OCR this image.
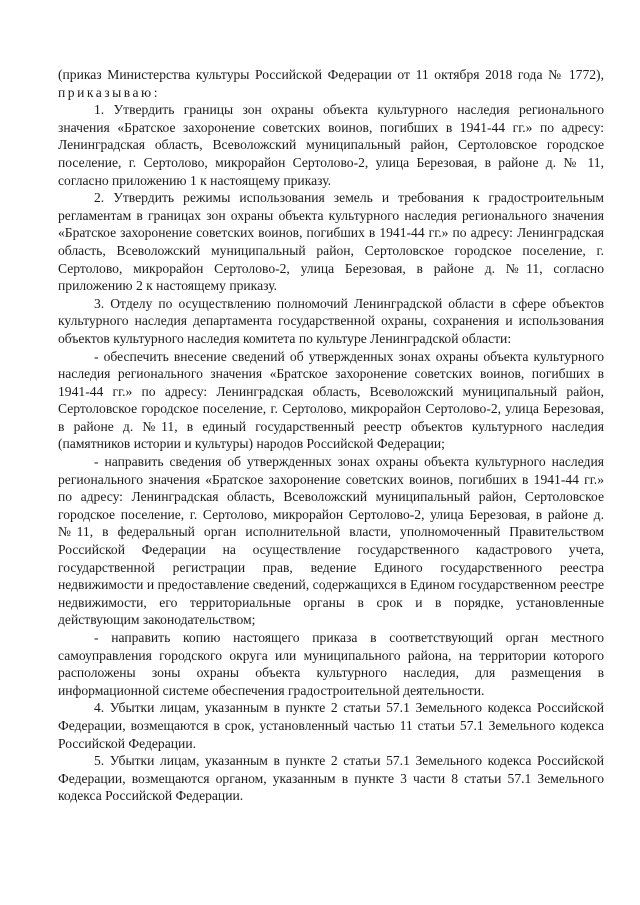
(приказ Министерства культуры Российской Федерации от 11 октября 2018 года № 1772), приказываю:

1. Утвердить границы зон охраны объекта культурного наследия регионального значения «Братское захоронение советских воинов, погибших в 1941-44 гг.» по адресу: Ленинградская область, Всеволожский муниципальный район, Сертоловское городское поселение, г. Сертолово, микрорайон Сертолово-2, улица Березовая, в районе д. № 11, согласно приложению 1 к настоящему приказу.

2. Утвердить режимы использования земель и требования к градостроительным регламентам в границах зон охраны объекта культурного наследия регионального значения «Братское захоронение советских воинов, погибших в 1941-44 гг.» по адресу: Ленинградская область, Всеволожский муниципальный район, Сертоловское городское поселение, г. Сертолово, микрорайон Сертолово-2, улица Березовая, в районе д. №11, согласно приложению 2 к настоящему приказу.

3. Отделу по осуществлению полномочий Ленинградской области в сфере объектов культурного наследия департамента государственной охраны, сохранения и использования объектов культурного наследия комитета по культуре Ленинградской области:

- обеспечить внесение сведений об утвержденных зонах охраны объекта культурного наследия регионального значения «Братское захоронение советских воинов, погибших в 1941-44 гг.» по адресу: Ленинградская область, Всеволожский муниципальный район, Сертоловское городское поселение, г. Сертолово, микрорайон Сертолово-2, улица Березовая, в районе д. №11, в единый государственный реестр объектов культурного наследия (памятников истории и культуры) народов Российской Федерации;

- направить сведения об утвержденных зонах охраны объекта культурного наследия регионального значения «Братское захоронение советских воинов, погибших в 1941-44 гг.» по адресу: Ленинградская область, Всеволожский муниципальный район, Сертоловское городское поселение, г. Сертолово, микрорайон Сертолово-2, улица Березовая, в районе д. №11, в федеральный орган исполнительной власти, уполномоченный Правительством Российской Федерации на осуществление государственного кадастрового учета, государственной регистрации прав, ведение Единого государственного реестра недвижимости и предоставление сведений, содержащихся в Едином государственном реестре недвижимости, его территориальные органы в срок и в порядке, установленные действующим законодательством;

- направить копию настоящего приказа в соответствующий орган местного самоуправления городского округа или муниципального района, на территории которого расположены зоны охраны объекта культурного наследия, для размещения в информационной системе обеспечения градостроительной деятельности.

4. Убытки лицам, указанным в пункте 2 статьи 57.1 Земельного кодекса Российской Федерации, возмещаются в срок, установленный частью 11 статьи 57.1 Земельного кодекса Российской Федерации.

5. Убытки лицам, указанным в пункте 2 статьи 57.1 Земельного кодекса Российской Федерации, возмещаются органом, указанным в пункте 3 части 8 статьи 57.1 Земельного кодекса Российской Федерации.
